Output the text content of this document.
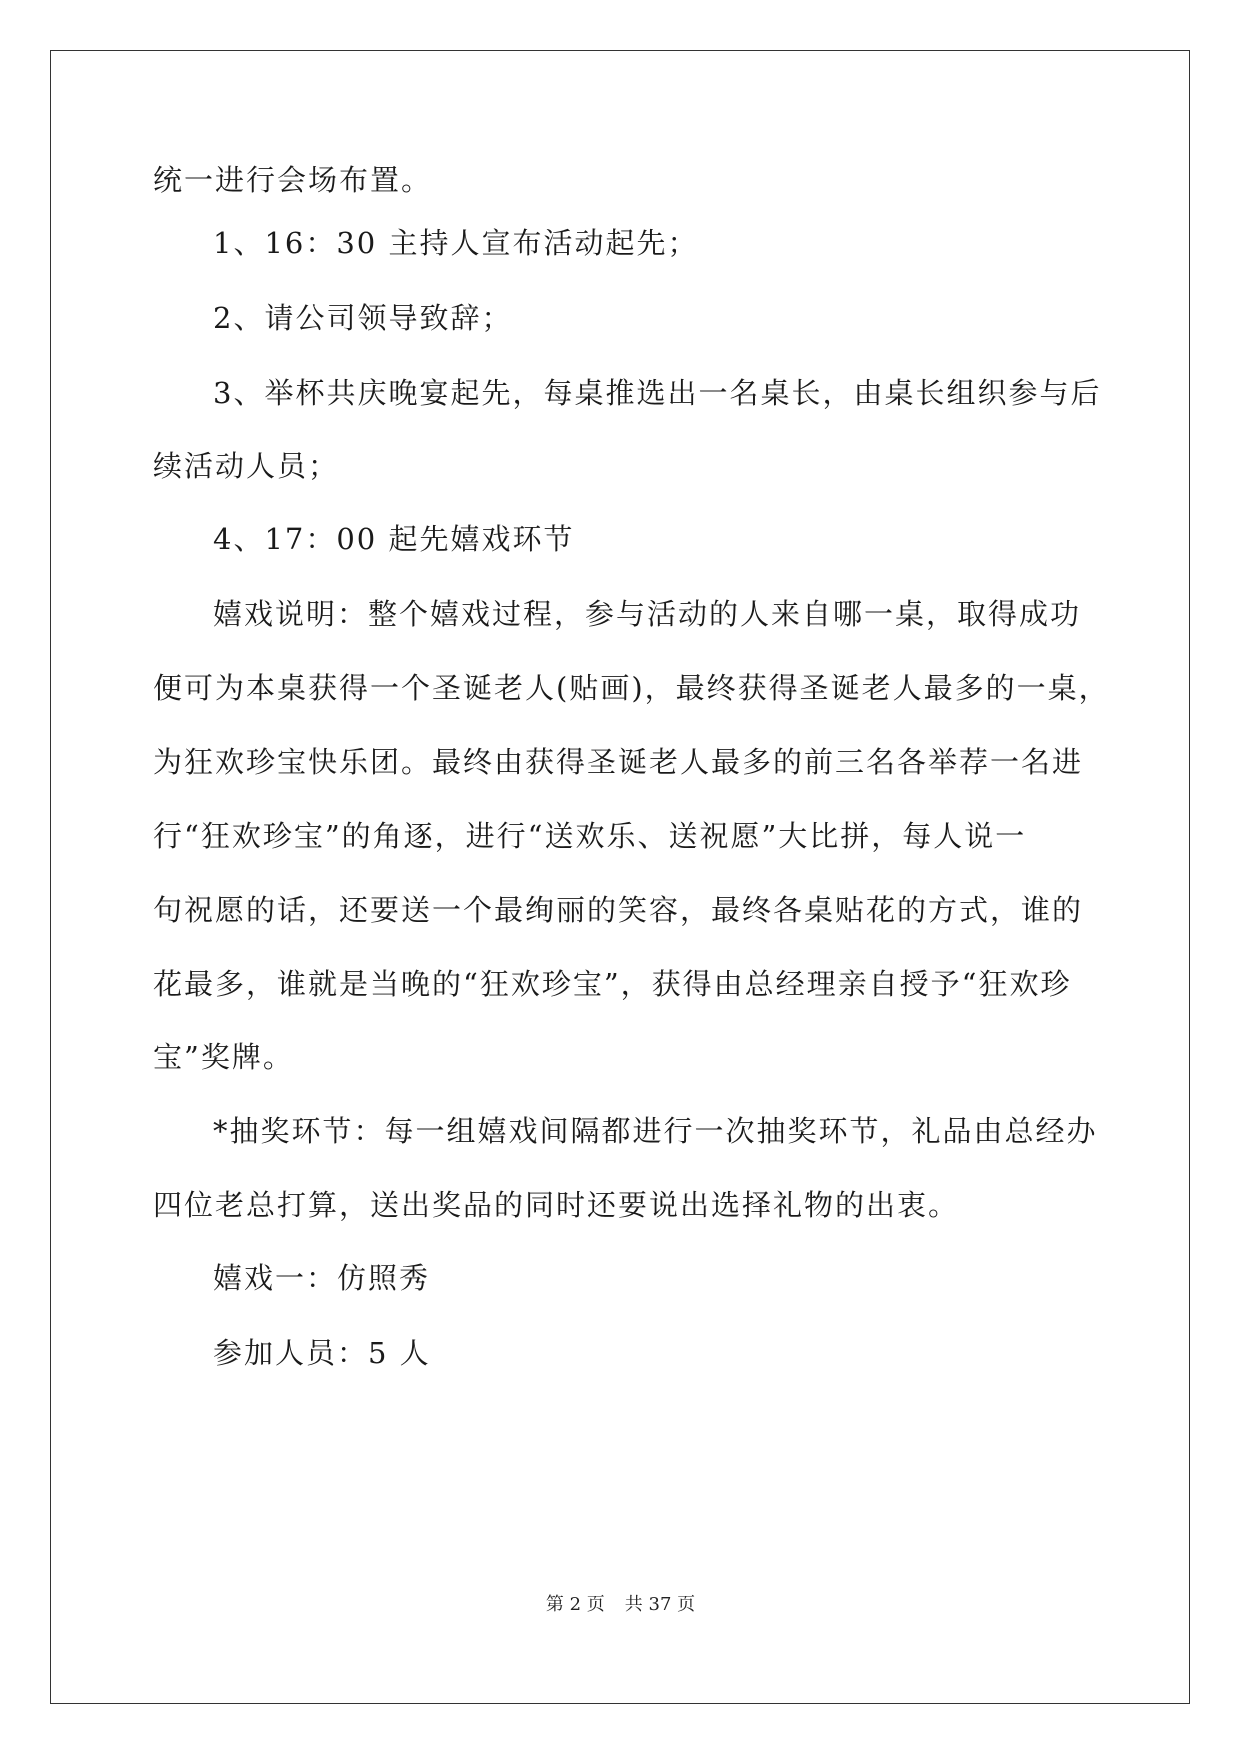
统一进行会场布置。
1、16：30 主持人宣布活动起先；
2、请公司领导致辞；
3、举杯共庆晚宴起先，每桌推选出一名桌长，由桌长组织参与后
续活动人员；
4、17：00 起先嬉戏环节
嬉戏说明：整个嬉戏过程，参与活动的人来自哪一桌，取得成功
便可为本桌获得一个圣诞老人(贴画)，最终获得圣诞老人最多的一桌，
为狂欢珍宝快乐团。最终由获得圣诞老人最多的前三名各举荐一名进
行“狂欢珍宝”的角逐，进行“送欢乐、送祝愿”大比拼，每人说一
句祝愿的话，还要送一个最绚丽的笑容，最终各桌贴花的方式，谁的
花最多，谁就是当晚的“狂欢珍宝”，获得由总经理亲自授予“狂欢珍
宝”奖牌。
*抽奖环节：每一组嬉戏间隔都进行一次抽奖环节，礼品由总经办
四位老总打算，送出奖品的同时还要说出选择礼物的出衷。
嬉戏一：仿照秀
参加人员：5 人
第 2 页 共 37 页
